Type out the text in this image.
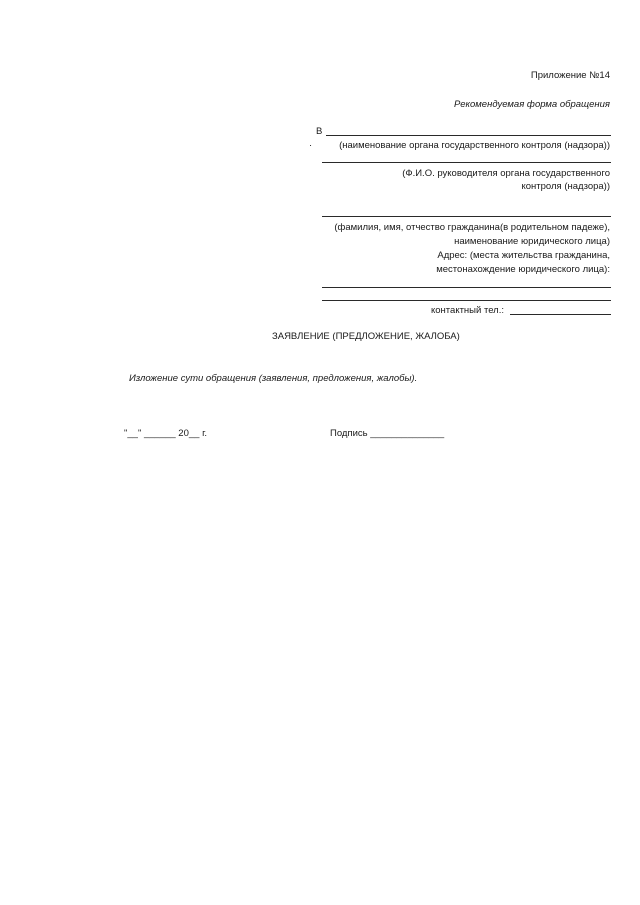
Приложение №14
Рекомендуемая форма обращения
В
·	(наименование органа государственного контроля (надзора))
(Ф.И.О. руководителя органа государственного
контроля (надзора))
(фамилия, имя, отчество гражданина(в родительном падеже),
наименование юридического лица)
Адрес: (места жительства гражданина,
местонахождение юридического лица):
контактный тел.:
ЗАЯВЛЕНИЕ (ПРЕДЛОЖЕНИЕ, ЖАЛОБА)
Изложение сути обращения (заявления, предложения, жалобы).
"__" ______ 20__ г.	Подпись ______________
